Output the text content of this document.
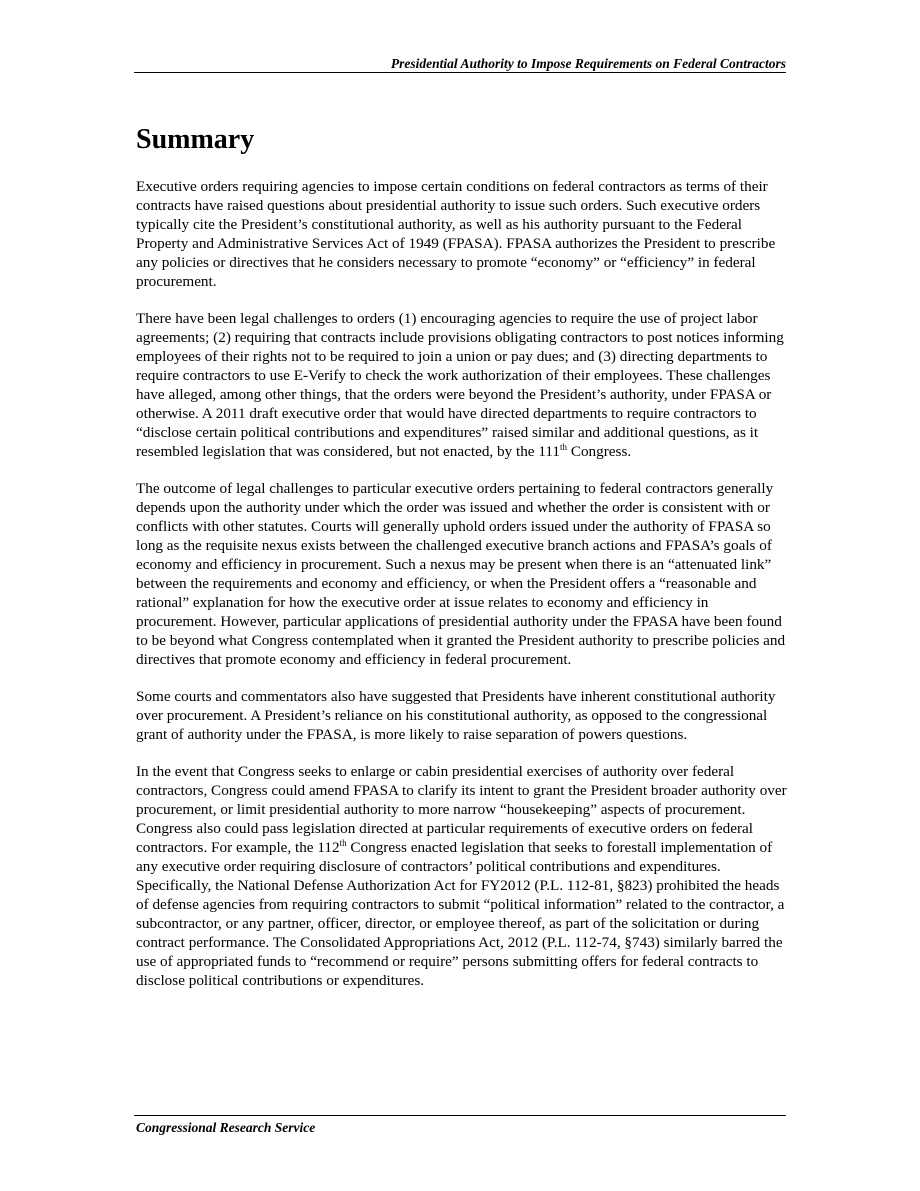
Presidential Authority to Impose Requirements on Federal Contractors
Summary

Executive orders requiring agencies to impose certain conditions on federal contractors as terms of their contracts have raised questions about presidential authority to issue such orders. Such executive orders typically cite the President’s constitutional authority, as well as his authority pursuant to the Federal Property and Administrative Services Act of 1949 (FPASA). FPASA authorizes the President to prescribe any policies or directives that he considers necessary to promote “economy” or “efficiency” in federal procurement.

There have been legal challenges to orders (1) encouraging agencies to require the use of project labor agreements; (2) requiring that contracts include provisions obligating contractors to post notices informing employees of their rights not to be required to join a union or pay dues; and (3) directing departments to require contractors to use E-Verify to check the work authorization of their employees. These challenges have alleged, among other things, that the orders were beyond the President’s authority, under FPASA or otherwise. A 2011 draft executive order that would have directed departments to require contractors to “disclose certain political contributions and expenditures” raised similar and additional questions, as it resembled legislation that was considered, but not enacted, by the 111th Congress.

The outcome of legal challenges to particular executive orders pertaining to federal contractors generally depends upon the authority under which the order was issued and whether the order is consistent with or conflicts with other statutes. Courts will generally uphold orders issued under the authority of FPASA so long as the requisite nexus exists between the challenged executive branch actions and FPASA’s goals of economy and efficiency in procurement. Such a nexus may be present when there is an “attenuated link” between the requirements and economy and efficiency, or when the President offers a “reasonable and rational” explanation for how the executive order at issue relates to economy and efficiency in procurement. However, particular applications of presidential authority under the FPASA have been found to be beyond what Congress contemplated when it granted the President authority to prescribe policies and directives that promote economy and efficiency in federal procurement.

Some courts and commentators also have suggested that Presidents have inherent constitutional authority over procurement. A President’s reliance on his constitutional authority, as opposed to the congressional grant of authority under the FPASA, is more likely to raise separation of powers questions.

In the event that Congress seeks to enlarge or cabin presidential exercises of authority over federal contractors, Congress could amend FPASA to clarify its intent to grant the President broader authority over procurement, or limit presidential authority to more narrow “housekeeping” aspects of procurement. Congress also could pass legislation directed at particular requirements of executive orders on federal contractors. For example, the 112th Congress enacted legislation that seeks to forestall implementation of any executive order requiring disclosure of contractors’ political contributions and expenditures. Specifically, the National Defense Authorization Act for FY2012 (P.L. 112-81, §823) prohibited the heads of defense agencies from requiring contractors to submit “political information” related to the contractor, a subcontractor, or any partner, officer, director, or employee thereof, as part of the solicitation or during contract performance. The Consolidated Appropriations Act, 2012 (P.L. 112-74, §743) similarly barred the use of appropriated funds to “recommend or require” persons submitting offers for federal contracts to disclose political contributions or expenditures.

Congressional Research Service
